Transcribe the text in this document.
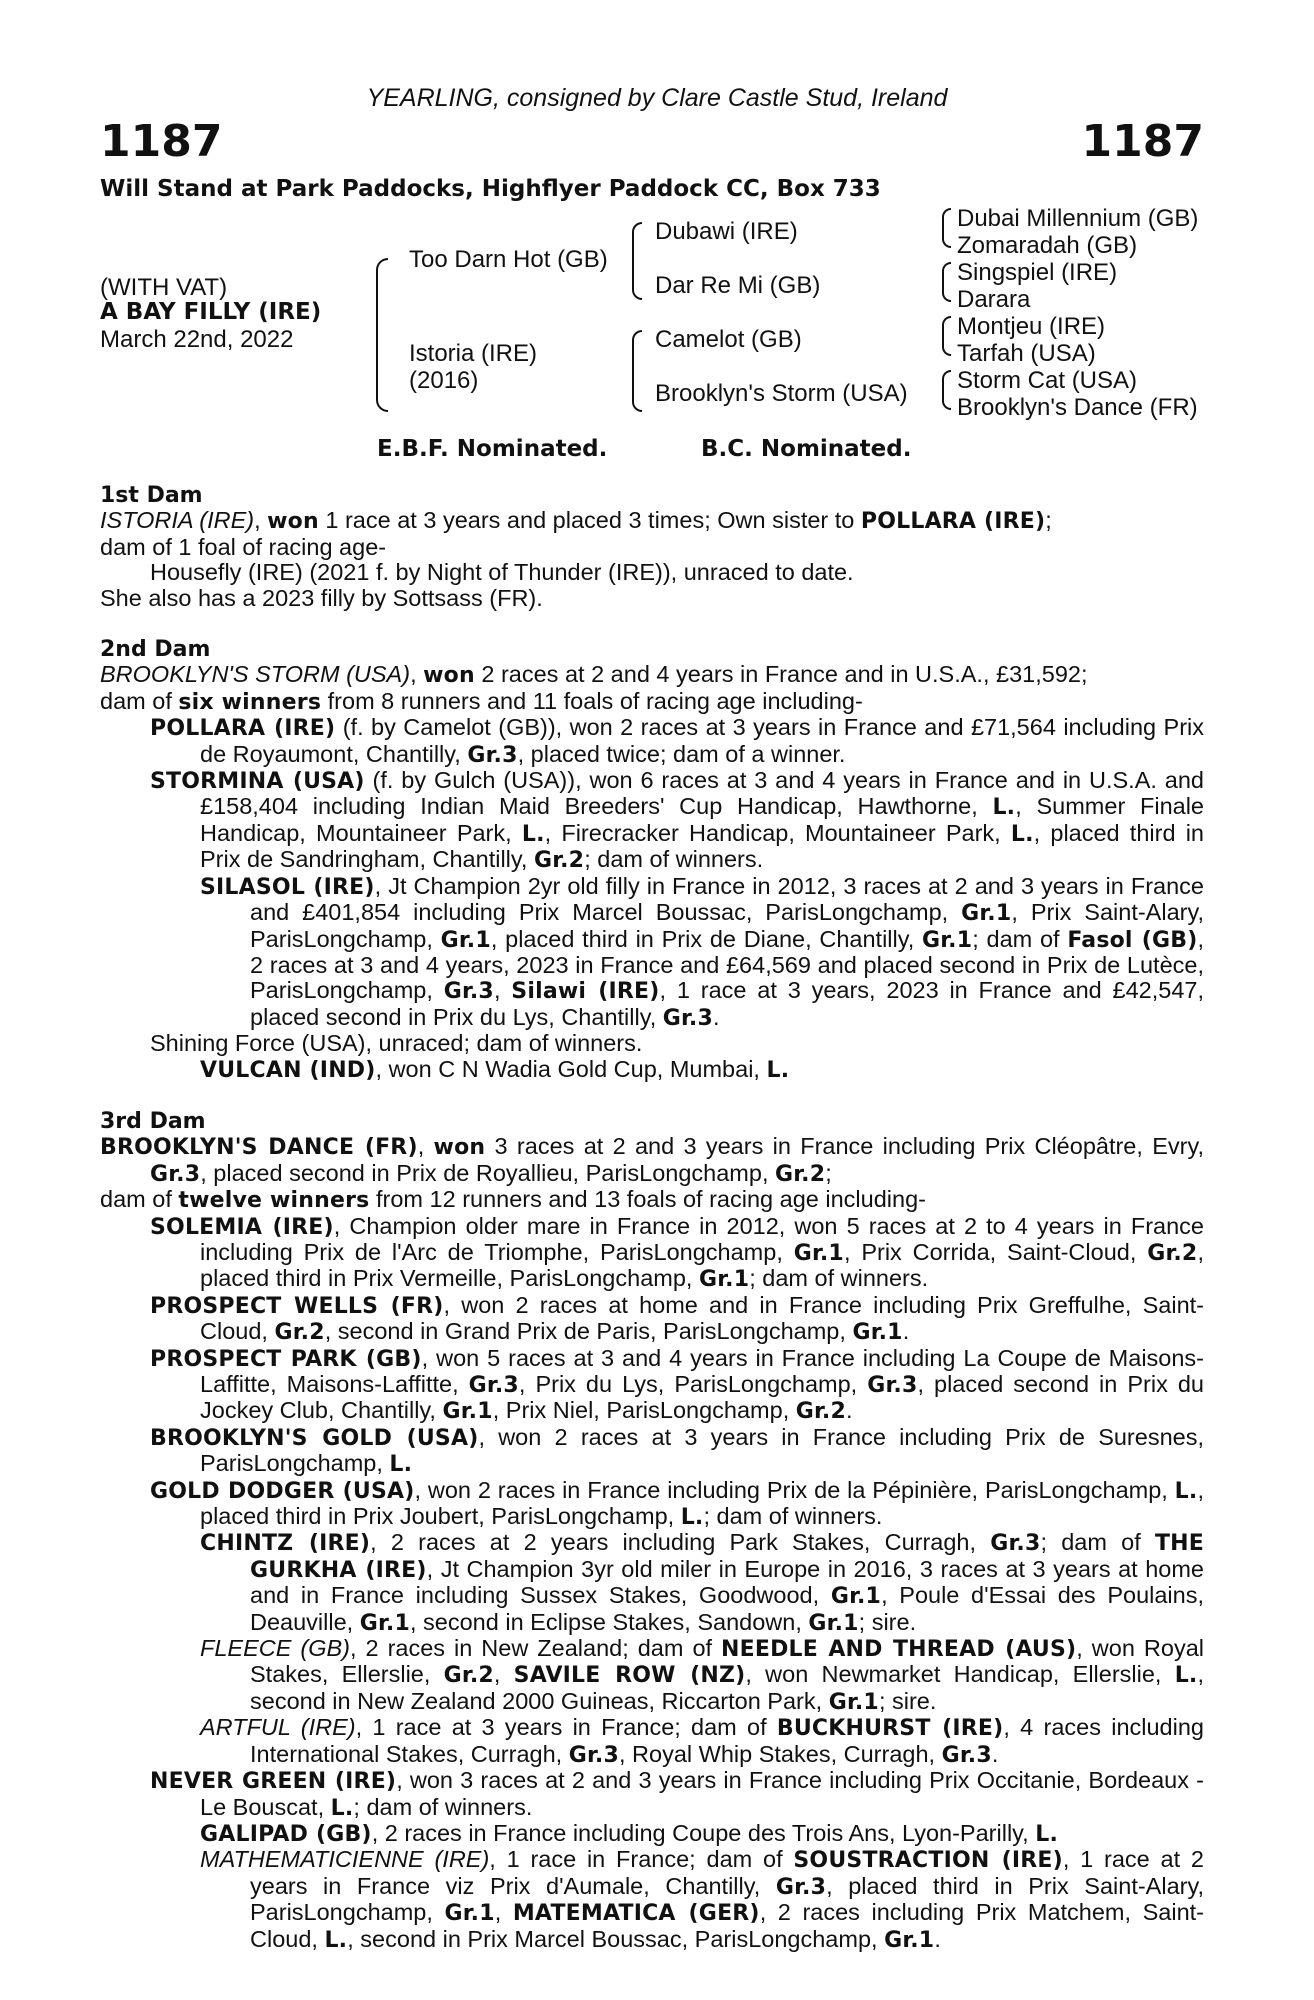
YEARLING, consigned by Clare Castle Stud, Ireland
1187	1187
Will Stand at Park Paddocks, Highflyer Paddock CC, Box 733
(WITH VAT)
A BAY FILLY (IRE)
March 22nd, 2022
Too Darn Hot (GB)
Istoria (IRE)
(2016)
Dubawi (IRE)
Dar Re Mi (GB)
Camelot (GB)
Brooklyn's Storm (USA)
Dubai Millennium (GB)
Zomaradah (GB)
Singspiel (IRE)
Darara
Montjeu (IRE)
Tarfah (USA)
Storm Cat (USA)
Brooklyn's Dance (FR)
E.B.F. Nominated.	B.C. Nominated.
1st Dam
ISTORIA (IRE), won 1 race at 3 years and placed 3 times; Own sister to POLLARA (IRE);
dam of 1 foal of racing age-
Housefly (IRE) (2021 f. by Night of Thunder (IRE)), unraced to date.
She also has a 2023 filly by Sottsass (FR).
2nd Dam
BROOKLYN'S STORM (USA), won 2 races at 2 and 4 years in France and in U.S.A., £31,592;
dam of six winners from 8 runners and 11 foals of racing age including-
POLLARA (IRE) (f. by Camelot (GB)), won 2 races at 3 years in France and £71,564 including Prix de Royaumont, Chantilly, Gr.3, placed twice; dam of a winner.
STORMINA (USA) (f. by Gulch (USA)), won 6 races at 3 and 4 years in France and in U.S.A. and £158,404 including Indian Maid Breeders' Cup Handicap, Hawthorne, L., Summer Finale Handicap, Mountaineer Park, L., Firecracker Handicap, Mountaineer Park, L., placed third in Prix de Sandringham, Chantilly, Gr.2; dam of winners.
SILASOL (IRE), Jt Champion 2yr old filly in France in 2012, 3 races at 2 and 3 years in France and £401,854 including Prix Marcel Boussac, ParisLongchamp, Gr.1, Prix Saint-Alary, ParisLongchamp, Gr.1, placed third in Prix de Diane, Chantilly, Gr.1; dam of Fasol (GB), 2 races at 3 and 4 years, 2023 in France and £64,569 and placed second in Prix de Lutèce, ParisLongchamp, Gr.3, Silawi (IRE), 1 race at 3 years, 2023 in France and £42,547, placed second in Prix du Lys, Chantilly, Gr.3.
Shining Force (USA), unraced; dam of winners.
VULCAN (IND), won C N Wadia Gold Cup, Mumbai, L.
3rd Dam
BROOKLYN'S DANCE (FR), won 3 races at 2 and 3 years in France including Prix Cléopâtre, Evry, Gr.3, placed second in Prix de Royallieu, ParisLongchamp, Gr.2;
dam of twelve winners from 12 runners and 13 foals of racing age including-
SOLEMIA (IRE), Champion older mare in France in 2012, won 5 races at 2 to 4 years in France including Prix de l'Arc de Triomphe, ParisLongchamp, Gr.1, Prix Corrida, Saint-Cloud, Gr.2, placed third in Prix Vermeille, ParisLongchamp, Gr.1; dam of winners.
PROSPECT WELLS (FR), won 2 races at home and in France including Prix Greffulhe, Saint-Cloud, Gr.2, second in Grand Prix de Paris, ParisLongchamp, Gr.1.
PROSPECT PARK (GB), won 5 races at 3 and 4 years in France including La Coupe de Maisons-Laffitte, Maisons-Laffitte, Gr.3, Prix du Lys, ParisLongchamp, Gr.3, placed second in Prix du Jockey Club, Chantilly, Gr.1, Prix Niel, ParisLongchamp, Gr.2.
BROOKLYN'S GOLD (USA), won 2 races at 3 years in France including Prix de Suresnes, ParisLongchamp, L.
GOLD DODGER (USA), won 2 races in France including Prix de la Pépinière, ParisLongchamp, L., placed third in Prix Joubert, ParisLongchamp, L.; dam of winners.
CHINTZ (IRE), 2 races at 2 years including Park Stakes, Curragh, Gr.3; dam of THE GURKHA (IRE), Jt Champion 3yr old miler in Europe in 2016, 3 races at 3 years at home and in France including Sussex Stakes, Goodwood, Gr.1, Poule d'Essai des Poulains, Deauville, Gr.1, second in Eclipse Stakes, Sandown, Gr.1; sire.
FLEECE (GB), 2 races in New Zealand; dam of NEEDLE AND THREAD (AUS), won Royal Stakes, Ellerslie, Gr.2, SAVILE ROW (NZ), won Newmarket Handicap, Ellerslie, L., second in New Zealand 2000 Guineas, Riccarton Park, Gr.1; sire.
ARTFUL (IRE), 1 race at 3 years in France; dam of BUCKHURST (IRE), 4 races including International Stakes, Curragh, Gr.3, Royal Whip Stakes, Curragh, Gr.3.
NEVER GREEN (IRE), won 3 races at 2 and 3 years in France including Prix Occitanie, Bordeaux - Le Bouscat, L.; dam of winners.
GALIPAD (GB), 2 races in France including Coupe des Trois Ans, Lyon-Parilly, L.
MATHEMATICIENNE (IRE), 1 race in France; dam of SOUSTRACTION (IRE), 1 race at 2 years in France viz Prix d'Aumale, Chantilly, Gr.3, placed third in Prix Saint-Alary, ParisLongchamp, Gr.1, MATEMATICA (GER), 2 races including Prix Matchem, Saint-Cloud, L., second in Prix Marcel Boussac, ParisLongchamp, Gr.1.
